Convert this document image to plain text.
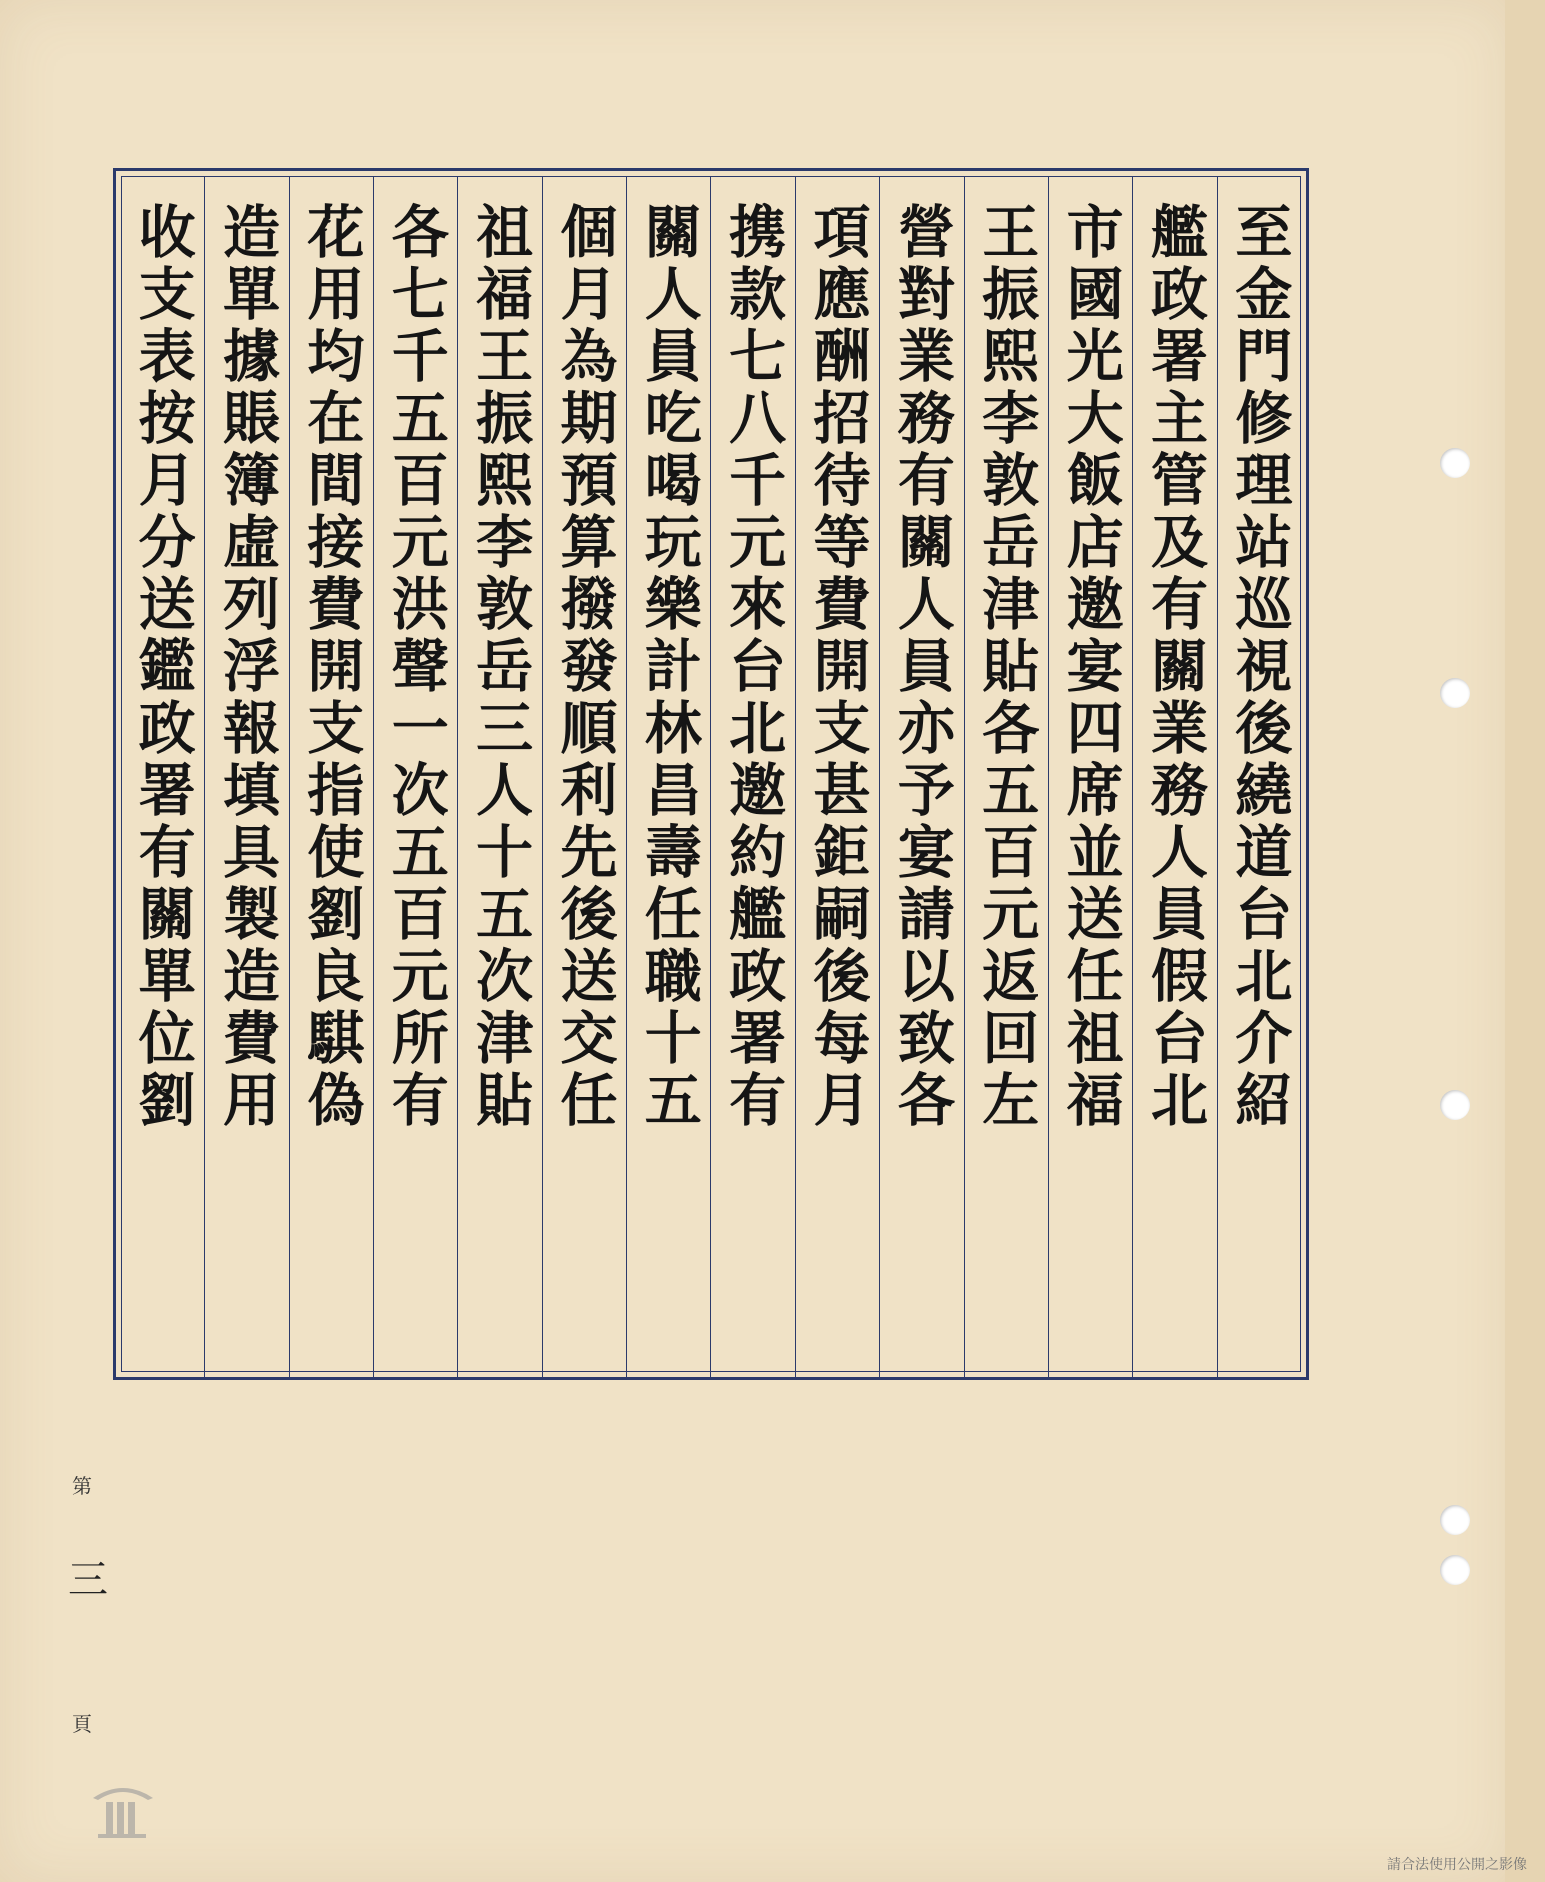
至金門修理站巡視後繞道台北介紹
艦政署主管及有關業務人員假台北
市國光大飯店邀宴四席並送任祖福
王振熙李敦岳津貼各五百元返回左
營對業務有關人員亦予宴請以致各
項應酬招待等費開支甚鉅嗣後每月
携款七八千元來台北邀約艦政署有
關人員吃喝玩樂計林昌壽任職十五
個月為期預算撥發順利先後送交任
祖福王振熙李敦岳三人十五次津貼
各七千五百元洪聲一次五百元所有
花用均在間接費開支指使劉良騏偽
造單據賬簿虛列浮報填具製造費用
收支表按月分送鑑政署有關單位劉
第
三
頁
請合法使用公開之影像
